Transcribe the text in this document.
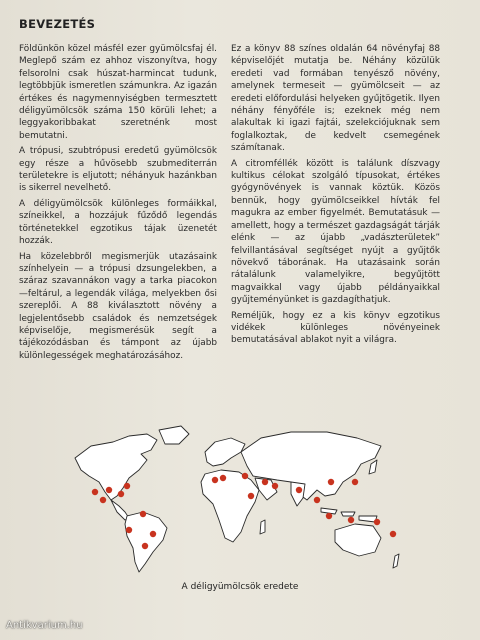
BEVEZETÉS

Földünkön közel másfél ezer gyümölcsfaj él. Meglepő szám ez ahhoz viszonyítva, hogy felsorolni csak húszat-harmincat tudunk, legtöbbjük ismeretlen számunkra. Az igazán értékes és nagymennyiségben termesztett déligyümölcsök száma 150 körüli lehet; a leggyakoribbakat szeretnénk most bemutatni.

A trópusi, szubtrópusi eredetű gyümölcsök egy része a hűvösebb szubmediterrán területekre is eljutott; néhányuk hazánkban is sikerrel nevelhető.

A déligyümölcsök különleges formáikkal, színeikkel, a hozzájuk fűződő legendás történetekkel egzotikus tájak üzenetét hozzák.

Ha közelebbről megismerjük utazásaink színhelyein — a trópusi dzsungelekben, a száraz szavannákon vagy a tarka piacokon —feltárul, a legendák világa, melyekben ősi szereplői. A 88 kiválasztott növény a legjelentősebb családok és nemzetségek képviselője, megismerésük segít a tájékozódásban és támpont az újabb különlegességek meghatározásához.

Ez a könyv 88 színes oldalán 64 növényfaj 88 képviselőjét mutatja be. Néhány közülük eredeti vad formában tenyésző növény, amelynek termeseit — gyümölcseit — az eredeti előfordulási helyeken gyűjtögetik. Ilyen néhány fényőféle is; ezeknek még nem alakultak ki igazi fajtái, szelekciójuknak sem foglalkoztak, de kedvelt csemegének számítanak.

A citromféllék között is találunk díszvagy kultikus célokat szolgáló típusokat, értékes gyógynövények is vannak köztük. Közös bennük, hogy gyümölcseikkel hívták fel magukra az ember figyelmét. Bemutatásuk — amellett, hogy a természet gazdagságát tárják elénk — az újabb „vadászterületek” felvillantásával segítséget nyújt a gyűjtők növekvő táborának. Ha utazásaink során rátalálunk valamelyikre, begyűjtött magvaikkal vagy újabb példányaikkal gyűjteményünket is gazdagíthatjuk.

Reméljük, hogy ez a kis könyv egzotikus vidékek különleges növényeinek bemutatásával ablakot nyit a világra.

A déligyümölcsök eredete
Antikvarium.hu
